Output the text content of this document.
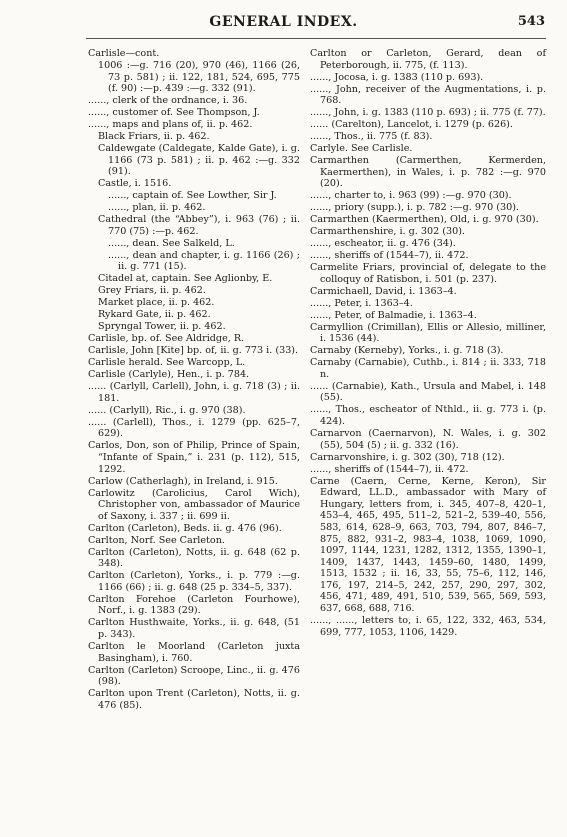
GENERAL INDEX.	543
Carlisle—cont.
1006 :—g. 716 (20), 970 (46), 1166 (26, 73 p. 581) ; ii. 122, 181, 524, 695, 775 (f. 90) :—p. 439 :—g. 332 (91).
......, clerk of the ordnance, i. 36.
......, customer of. See Thompson, J.
......, maps and plans of, ii. p. 462.
Black Friars, ii. p. 462.
Caldewgate (Caldegate, Kalde Gate), i. g. 1166 (73 p. 581) ; ii. p. 462 :—g. 332 (91).
Castle, i. 1516.
......, captain of. See Lowther, Sir J.
......, plan, ii. p. 462.
Cathedral (the “Abbey”), i. 963 (76) ; ii. 770 (75) :—p. 462.
......, dean. See Salkeld, L.
......, dean and chapter, i. g. 1166 (26) ; ii. g. 771 (15).
Citadel at, captain. See Aglionby, E.
Grey Friars, ii. p. 462.
Market place, ii. p. 462.
Rykard Gate, ii. p. 462.
Spryngal Tower, ii. p. 462.
Carlisle, bp. of. See Aldridge, R.
Carlisle, John [Kite] bp. of, ii. g. 773 i. (33).
Carlisle herald. See Warcopp, L.
Carlisle (Carlyle), Hen., i. p. 784.
...... (Carlyll, Carlell), John, i. g. 718 (3) ; ii. 181.
...... (Carlyll), Ric., i. g. 970 (38).
...... (Carlell), Thos., i. 1279 (pp. 625–7, 629).
Carlos, Don, son of Philip, Prince of Spain, “Infante of Spain,” i. 231 (p. 112), 515, 1292.
Carlow (Catherlagh), in Ireland, i. 915.
Carlowitz (Carolicius, Carol Wich), Christopher von, ambassador of Maurice of Saxony, i. 337 ; ii. 699 ii.
Carlton (Carleton), Beds. ii. g. 476 (96).
Carlton, Norf. See Carleton.
Carlton (Carleton), Notts, ii. g. 648 (62 p. 348).
Carlton (Carleton), Yorks., i. p. 779 :—g. 1166 (66) ; ii. g. 648 (25 p. 334–5, 337).
Carlton Forehoe (Carleton Fourhowe), Norf., i. g. 1383 (29).
Carlton Husthwaite, Yorks., ii. g. 648, (51 p. 343).
Carlton le Moorland (Carleton juxta Basingham), i. 760.
Carlton (Carleton) Scroope, Linc., ii. g. 476 (98).
Carlton upon Trent (Carleton), Notts, ii. g. 476 (85).
Carlton or Carleton, Gerard, dean of Peterborough, ii. 775, (f. 113).
......, Jocosa, i. g. 1383 (110 p. 693).
......, John, receiver of the Augmentations, i. p. 768.
......, John, i. g. 1383 (110 p. 693) ; ii. 775 (f. 77).
...... (Carelton), Lancelot, i. 1279 (p. 626).
......, Thos., ii. 775 (f. 83).
Carlyle. See Carlisle.
Carmarthen (Carmerthen, Kermerden, Kaermerthen), in Wales, i. p. 782 :—g. 970 (20).
......, charter to, i. 963 (99) :—g. 970 (30).
......, priory (supp.), i. p. 782 :—g. 970 (30).
Carmarthen (Kaermerthen), Old, i. g. 970 (30).
Carmarthenshire, i. g. 302 (30).
......, escheator, ii. g. 476 (34).
......, sheriffs of (1544–7), ii. 472.
Carmelite Friars, provincial of, delegate to the colloquy of Ratisbon, i. 501 (p. 237).
Carmichaell, David, i. 1363–4.
......, Peter, i. 1363–4.
......, Peter, of Balmadie, i. 1363–4.
Carmyllion (Crimillan), Ellis or Allesio, milliner, i. 1536 (44).
Carnaby (Kerneby), Yorks., i. g. 718 (3).
Carnaby (Carnabie), Cuthb., i. 814 ; ii. 333, 718 n.
...... (Carnabie), Kath., Ursula and Mabel, i. 148 (55).
......, Thos., escheator of Nthld., ii. g. 773 i. (p. 424).
Carnarvon (Caernarvon), N. Wales, i. g. 302 (55), 504 (5) ; ii. g. 332 (16).
Carnarvonshire, i. g. 302 (30), 718 (12).
......, sheriffs of (1544–7), ii. 472.
Carne (Caern, Cerne, Kerne, Keron), Sir Edward, LL.D., ambassador with Mary of Hungary, letters from, i. 345, 407–8, 420–1, 453–4, 465, 495, 511–2, 521–2, 539–40, 556, 583, 614, 628–9, 663, 703, 794, 807, 846–7, 875, 882, 931–2, 983–4, 1038, 1069, 1090, 1097, 1144, 1231, 1282, 1312, 1355, 1390–1, 1409, 1437, 1443, 1459–60, 1480, 1499, 1513, 1532 ; ii. 16, 33, 55, 75–6, 112, 146, 176, 197, 214–5, 242, 257, 290, 297, 302, 456, 471, 489, 491, 510, 539, 565, 569, 593, 637, 668, 688, 716.
......, ......, letters to, i. 65, 122, 332, 463, 534, 699, 777, 1053, 1106, 1429.
